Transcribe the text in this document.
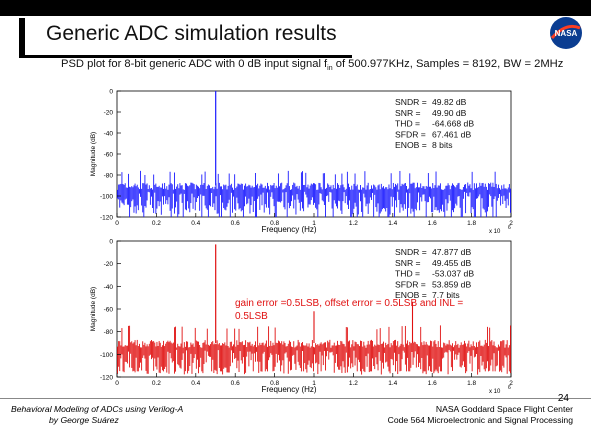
Generic ADC simulation results	NASA
PSD plot for 8-bit generic ADC with 0 dB input signal $f_{in}$ of 500.977KHz, Samples = 8192, BW = 2MHz
0
-20
-40
-60
-80
-100
-120
0	0.2	0.4	0.6	0.8	1	1.2	1.4	1.6	1.8	2
Frequency (Hz)
Magnitude (dB)
x 10
6
SNDR = 49.82 dB
SNR = 49.90 dB
THD = -64.668 dB
SFDR = 67.461 dB
ENOB = 8 bits
0
-20
-40
-60
-80
-100
-120
0	0.2	0.4	0.6	0.8	1	1.2	1.4	1.6	1.8	2
Frequency (Hz)
Magnitude (dB)
x 10
6
SNDR = 47.877 dB
SNR = 49.455 dB
THD = -53.037 dB
SFDR = 53.859 dB
ENOB = 7.7 bits
gain error =0.5LSB, offset error = 0.5LSB and INL =
0.5LSB
24
Behavioral Modeling of ADCs using Verilog-A
by George Suárez
NASA Goddard Space Flight Center
Code 564 Microelectronic and Signal Processing
